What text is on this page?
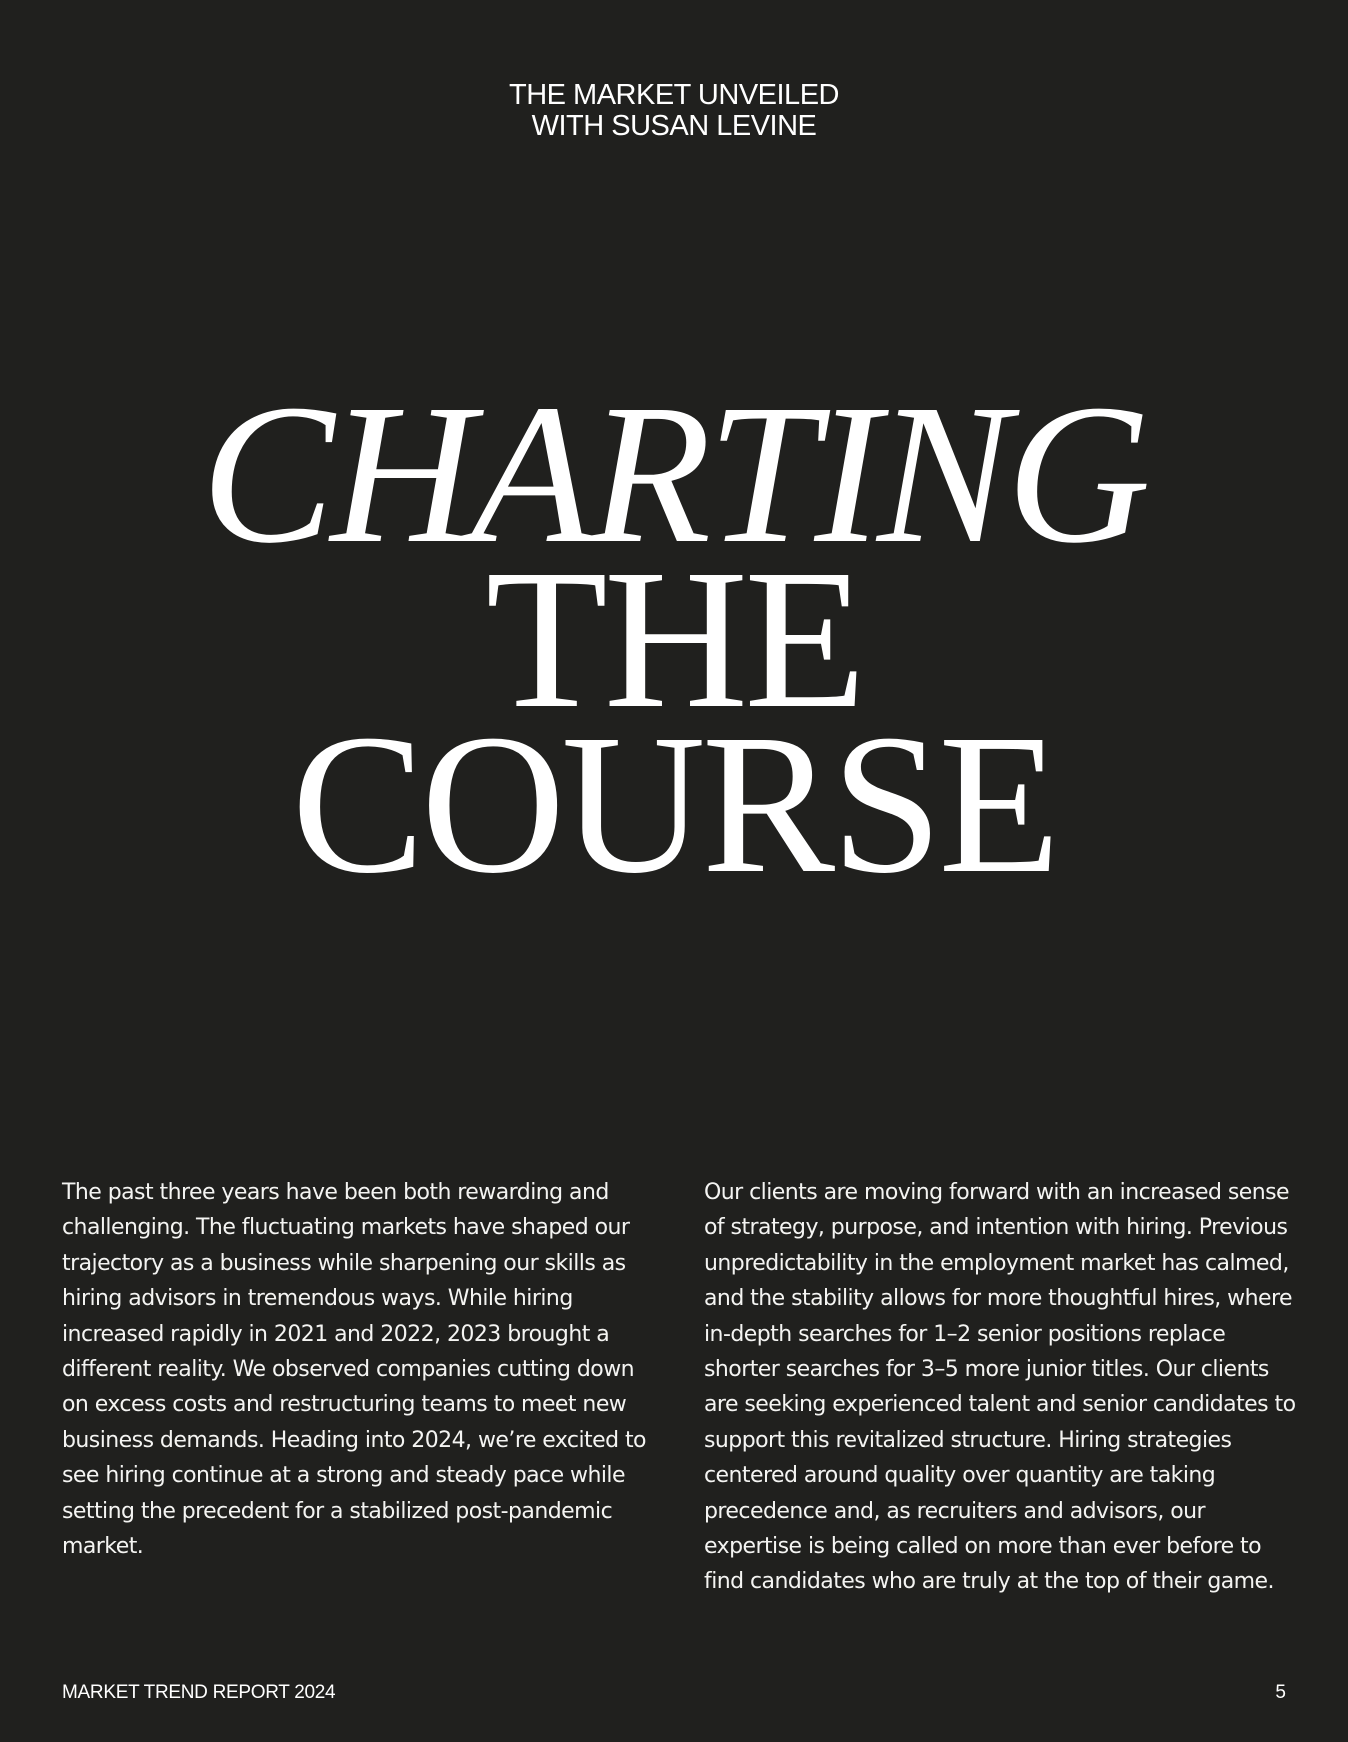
THE MARKET UNVEILED
WITH SUSAN LEVINE
CHARTING
THE
COURSE

The past three years have been both rewarding and challenging. The fluctuating markets have shaped our trajectory as a business while sharpening our skills as hiring advisors in tremendous ways. While hiring increased rapidly in 2021 and 2022, 2023 brought a different reality. We observed companies cutting down on excess costs and restructuring teams to meet new business demands. Heading into 2024, we’re excited to see hiring continue at a strong and steady pace while setting the precedent for a stabilized post-pandemic market.

Our clients are moving forward with an increased sense of strategy, purpose, and intention with hiring. Previous unpredictability in the employment market has calmed, and the stability allows for more thoughtful hires, where in-depth searches for 1–2 senior positions replace shorter searches for 3–5 more junior titles. Our clients are seeking experienced talent and senior candidates to support this revitalized structure. Hiring strategies centered around quality over quantity are taking precedence and, as recruiters and advisors, our expertise is being called on more than ever before to find candidates who are truly at the top of their game.

MARKET TREND REPORT 2024	5
